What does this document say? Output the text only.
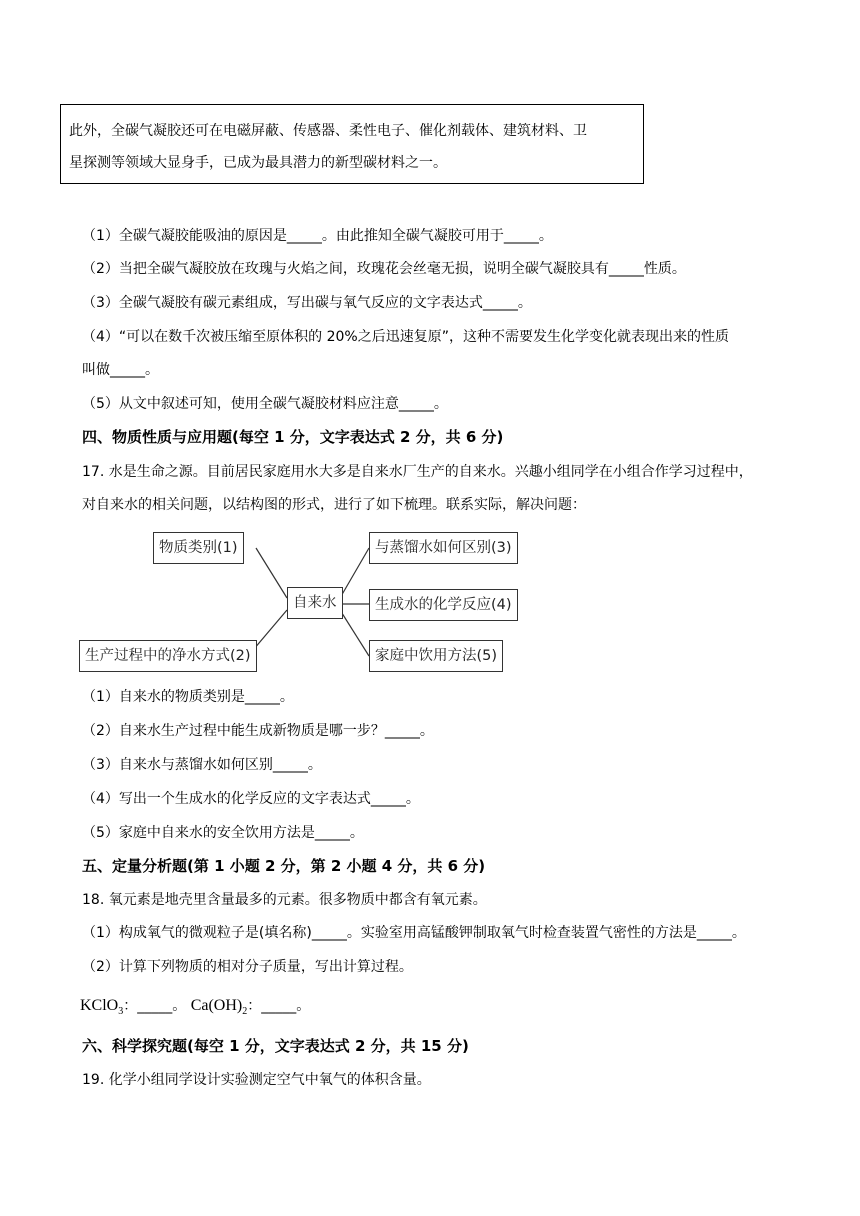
此外，全碳气凝胶还可在电磁屏蔽、传感器、柔性电子、催化剂载体、建筑材料、卫
星探测等领域大显身手，已成为最具潜力的新型碳材料之一。
（1）全碳气凝胶能吸油的原因是_____。由此推知全碳气凝胶可用于_____。
（2）当把全碳气凝胶放在玫瑰与火焰之间，玫瑰花会丝毫无损，说明全碳气凝胶具有_____性质。
（3）全碳气凝胶有碳元素组成，写出碳与氧气反应的文字表达式_____。
（4）“可以在数千次被压缩至原体积的 20%之后迅速复原”，这种不需要发生化学变化就表现出来的性质
叫做_____。
（5）从文中叙述可知，使用全碳气凝胶材料应注意_____。
四、物质性质与应用题(每空 1 分，文字表达式 2 分，共 6 分)
17. 水是生命之源。目前居民家庭用水大多是自来水厂生产的自来水。兴趣小组同学在小组合作学习过程中，
对自来水的相关问题，以结构图的形式，进行了如下梳理。联系实际，解决问题：
物质类别(1)
生产过程中的净水方式(2)
自来水
与蒸馏水如何区别(3)
生成水的化学反应(4)
家庭中饮用方法(5)
（1）自来水的物质类别是_____。
（2）自来水生产过程中能生成新物质是哪一步？_____。
（3）自来水与蒸馏水如何区别_____。
（4）写出一个生成水的化学反应的文字表达式_____。
（5）家庭中自来水的安全饮用方法是_____。
五、定量分析题(第 1 小题 2 分，第 2 小题 4 分，共 6 分)
18. 氧元素是地壳里含量最多的元素。很多物质中都含有氧元素。
（1）构成氧气的微观粒子是(填名称)_____。实验室用高锰酸钾制取氧气时检查装置气密性的方法是_____。
（2）计算下列物质的相对分子质量，写出计算过程。
KClO$_3$：_____。 $Ca(OH)_2$：_____。
六、科学探究题(每空 1 分，文字表达式 2 分，共 15 分)
19. 化学小组同学设计实验测定空气中氧气的体积含量。
